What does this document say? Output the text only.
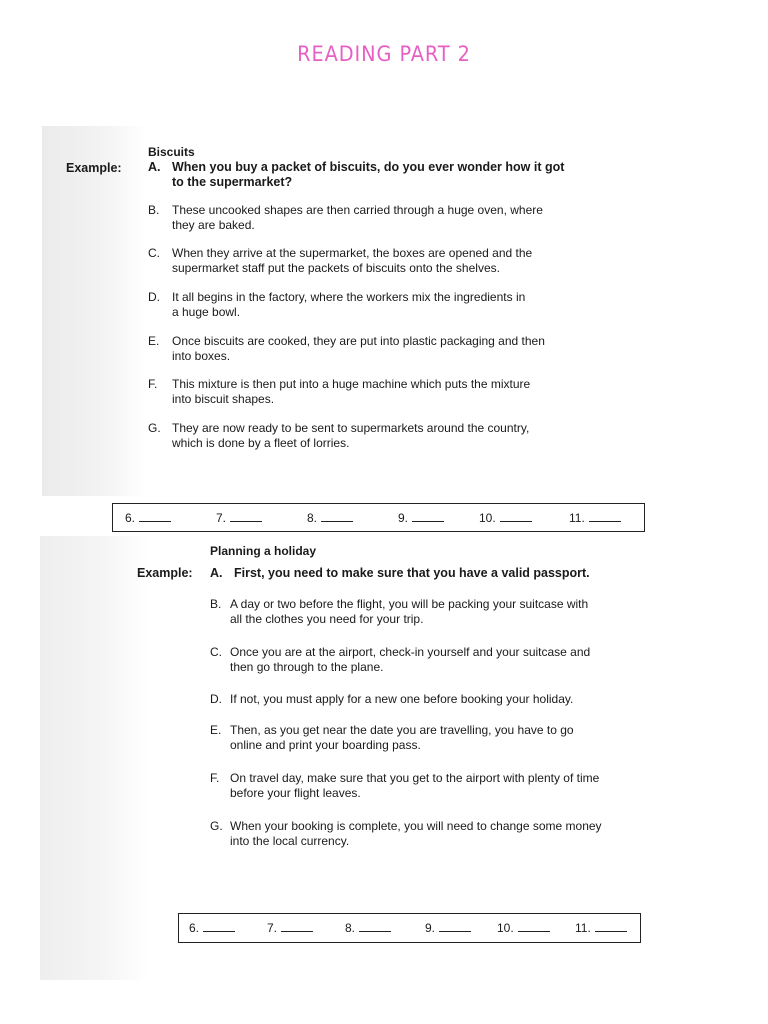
READING PART 2
Biscuits
Example: A. When you buy a packet of biscuits, do you ever wonder how it got
to the supermarket?
B. These uncooked shapes are then carried through a huge oven, where
they are baked.
C. When they arrive at the supermarket, the boxes are opened and the
supermarket staff put the packets of biscuits onto the shelves.
D. It all begins in the factory, where the workers mix the ingredients in
a huge bowl.
E. Once biscuits are cooked, they are put into plastic packaging and then
into boxes.
F. This mixture is then put into a huge machine which puts the mixture
into biscuit shapes.
G. They are now ready to be sent to supermarkets around the country,
which is done by a fleet of lorries.
6.	7.	8.	9.	10.	11.
Planning a holiday
Example: A. First, you need to make sure that you have a valid passport.
B. A day or two before the flight, you will be packing your suitcase with
all the clothes you need for your trip.
C. Once you are at the airport, check-in yourself and your suitcase and
then go through to the plane.
D. If not, you must apply for a new one before booking your holiday.
E. Then, as you get near the date you are travelling, you have to go
online and print your boarding pass.
F. On travel day, make sure that you get to the airport with plenty of time
before your flight leaves.
G. When your booking is complete, you will need to change some money
into the local currency.
6.	7.	8.	9.	10.	11.
